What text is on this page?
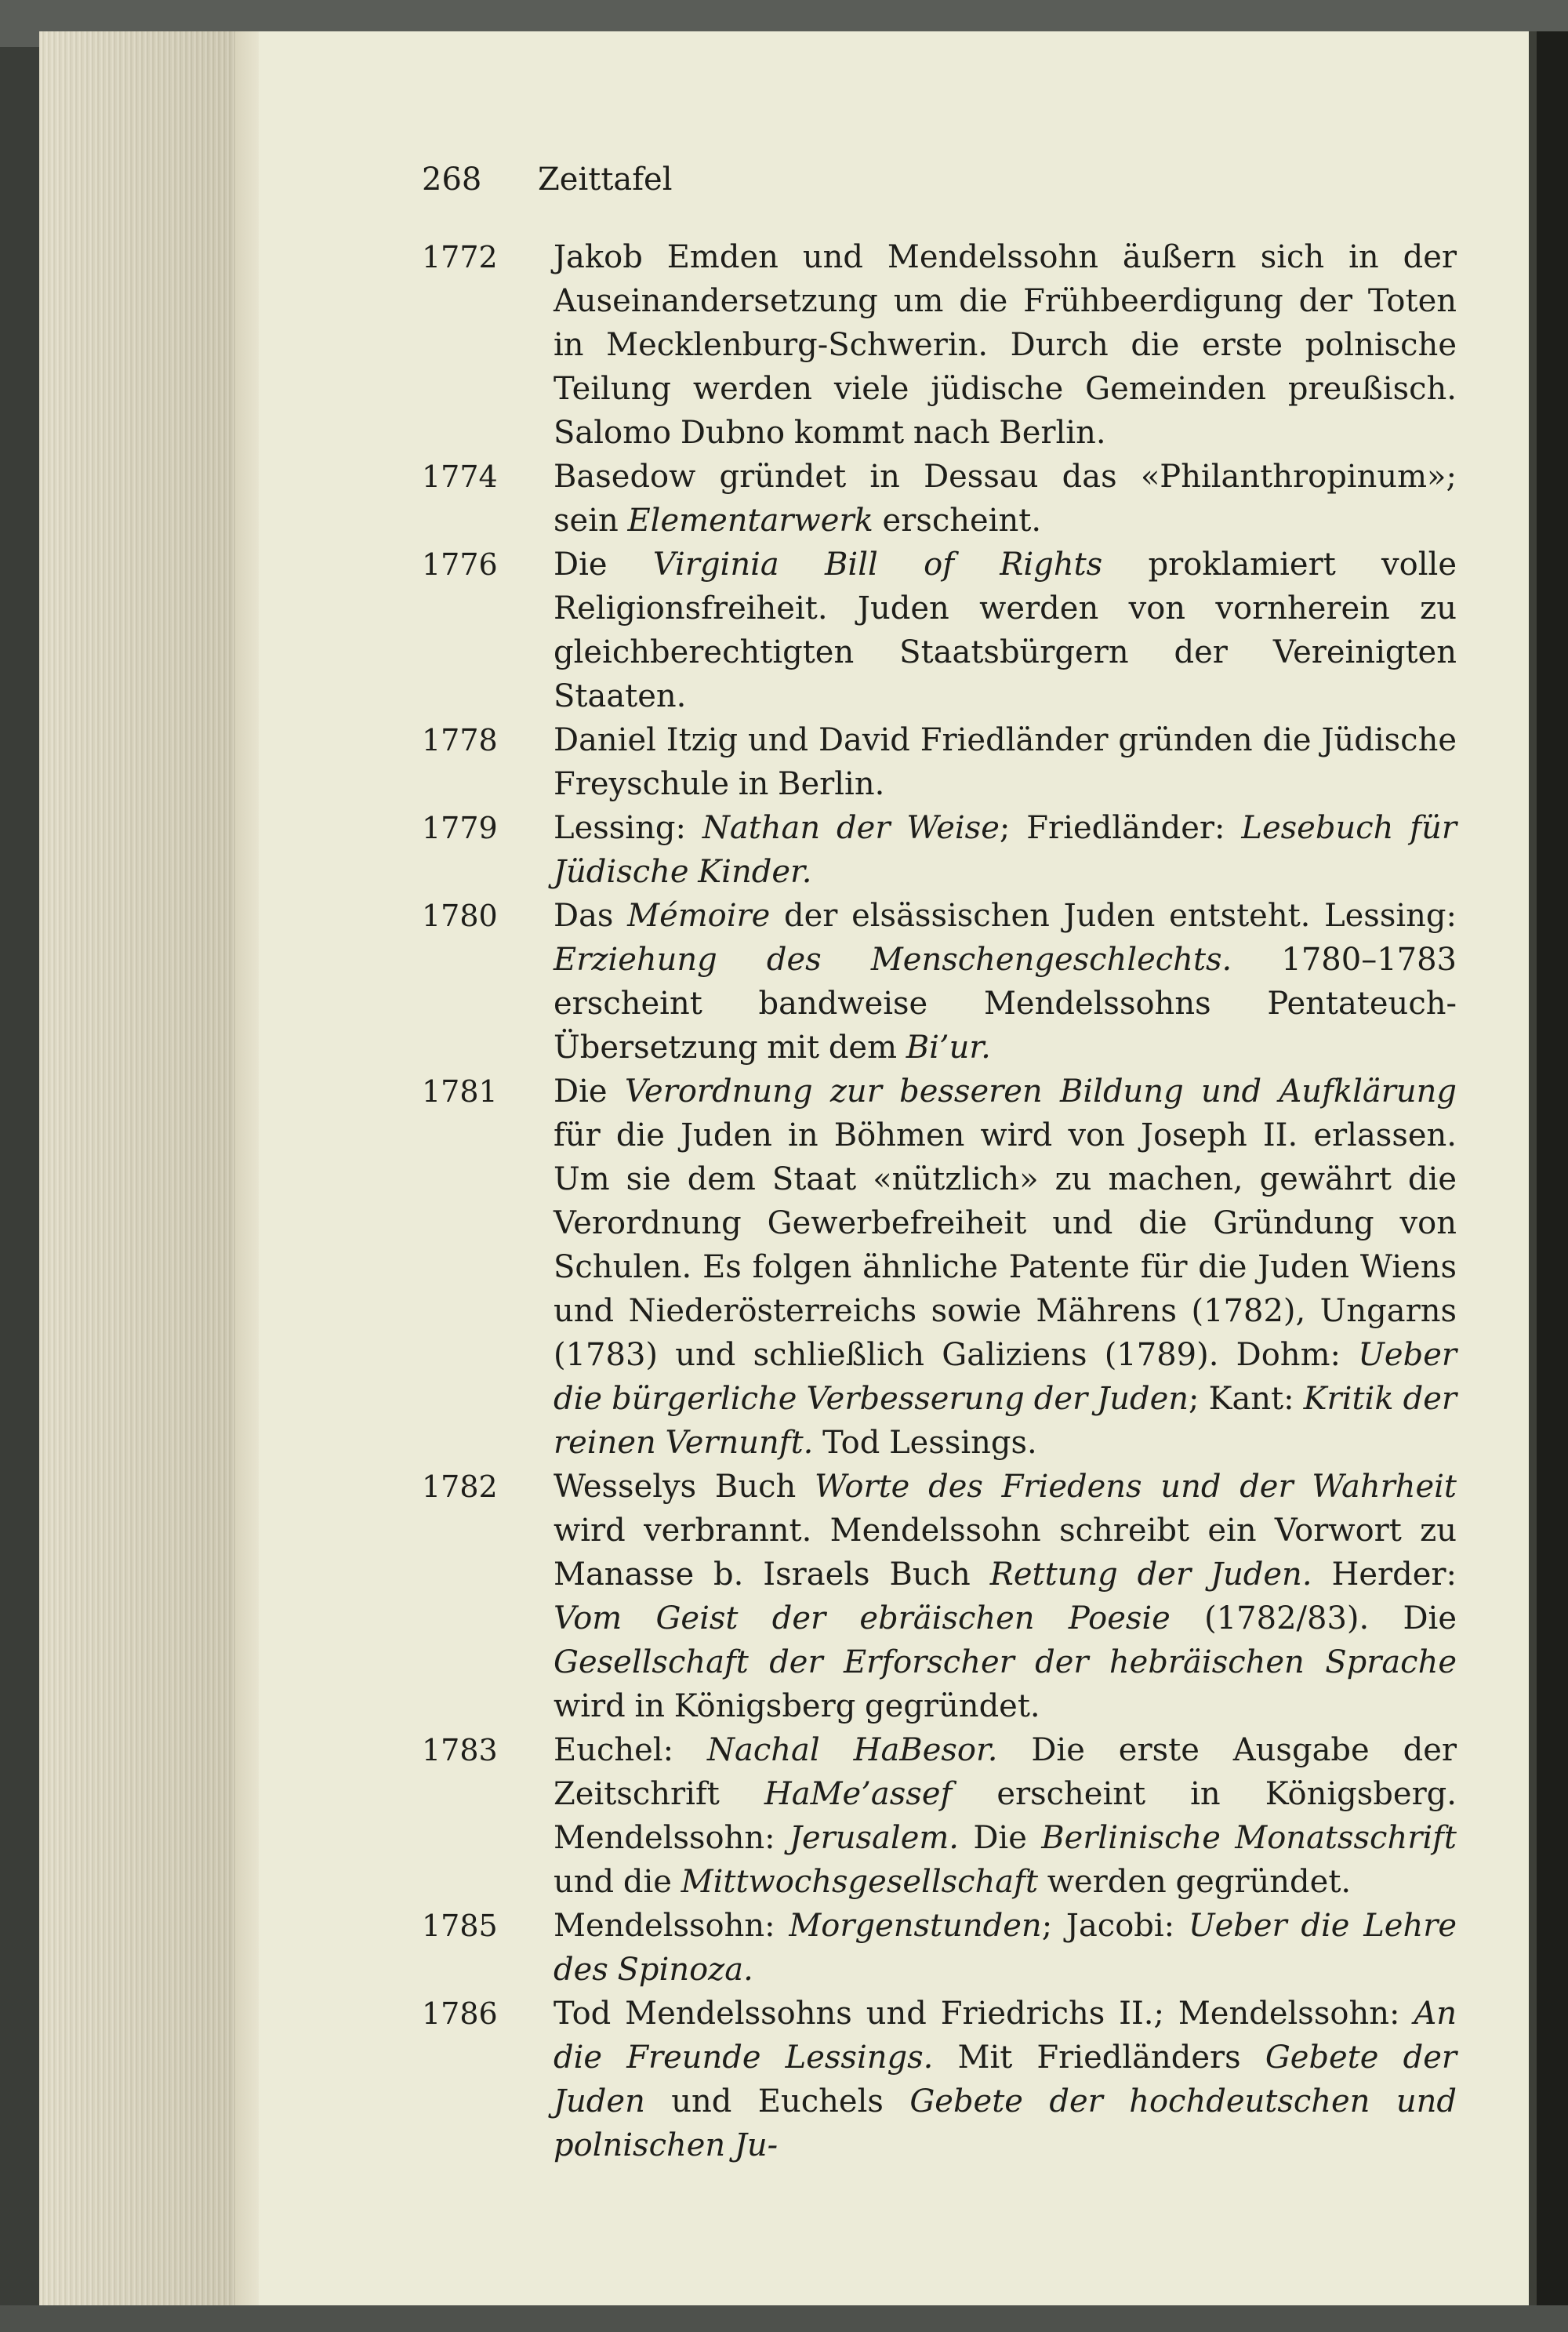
268 Zeittafel
1772 Jakob Emden und Mendelssohn äußern sich in der Auseinandersetzung um die Frühbeerdigung der Toten in Mecklenburg-Schwerin. Durch die erste polnische Teilung werden viele jüdische Gemeinden preußisch. Salomo Dubno kommt nach Berlin.
1774 Basedow gründet in Dessau das «Philanthropinum»; sein Elementarwerk erscheint.
1776 Die Virginia Bill of Rights proklamiert volle Religionsfreiheit. Juden werden von vornherein zu gleichberechtigten Staatsbürgern der Vereinigten Staaten.
1778 Daniel Itzig und David Friedländer gründen die Jüdische Freyschule in Berlin.
1779 Lessing: Nathan der Weise; Friedländer: Lesebuch für Jüdische Kinder.
1780 Das Mémoire der elsässischen Juden entsteht. Lessing: Erziehung des Menschengeschlechts. 1780–1783 erscheint bandweise Mendelssohns Pentateuch-Übersetzung mit dem Bi’ur.
1781 Die Verordnung zur besseren Bildung und Aufklärung für die Juden in Böhmen wird von Joseph II. erlassen. Um sie dem Staat «nützlich» zu machen, gewährt die Verordnung Gewerbefreiheit und die Gründung von Schulen. Es folgen ähnliche Patente für die Juden Wiens und Niederösterreichs sowie Mährens (1782), Ungarns (1783) und schließlich Galiziens (1789). Dohm: Ueber die bürgerliche Verbesserung der Juden; Kant: Kritik der reinen Vernunft. Tod Lessings.
1782 Wesselys Buch Worte des Friedens und der Wahrheit wird verbrannt. Mendelssohn schreibt ein Vorwort zu Manasse b. Israels Buch Rettung der Juden. Herder: Vom Geist der ebräischen Poesie (1782/83). Die Gesellschaft der Erforscher der hebräischen Sprache wird in Königsberg gegründet.
1783 Euchel: Nachal HaBesor. Die erste Ausgabe der Zeitschrift HaMe’assef erscheint in Königsberg. Mendelssohn: Jerusalem. Die Berlinische Monatsschrift und die Mittwochsgesellschaft werden gegründet.
1785 Mendelssohn: Morgenstunden; Jacobi: Ueber die Lehre des Spinoza.
1786 Tod Mendelssohns und Friedrichs II.; Mendelssohn: An die Freunde Lessings. Mit Friedländers Gebete der Juden und Euchels Gebete der hochdeutschen und polnischen Ju-
